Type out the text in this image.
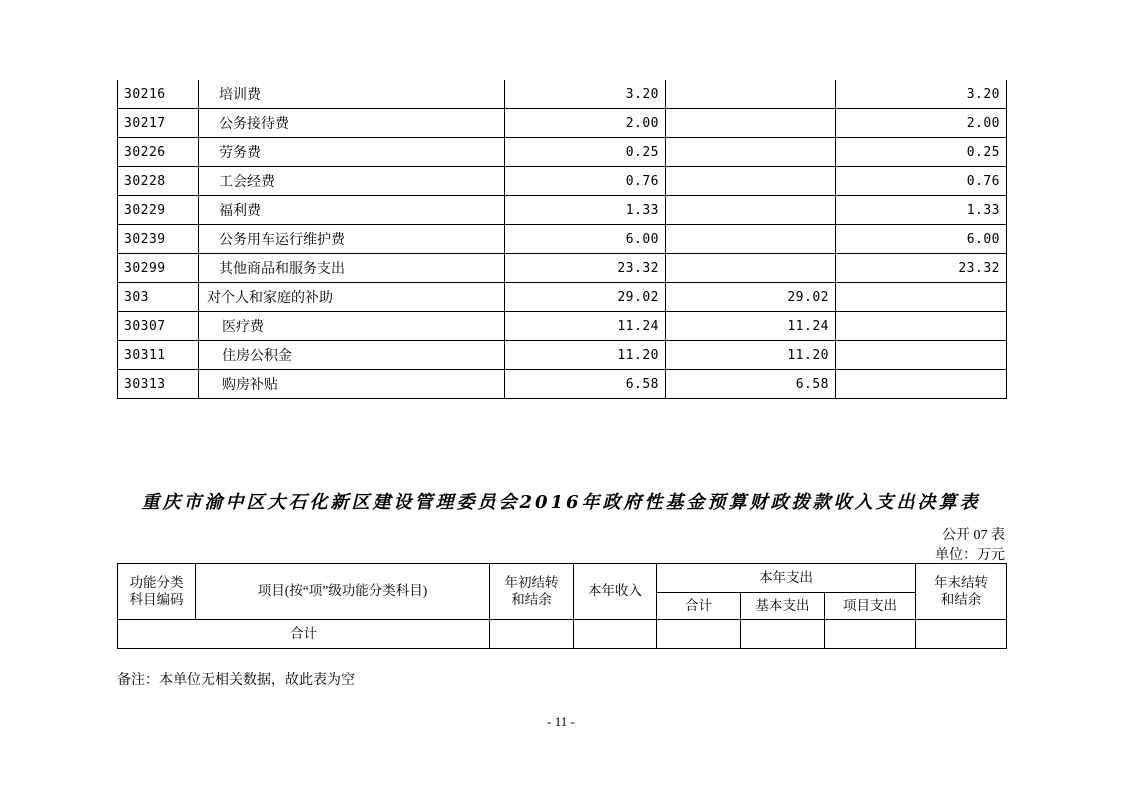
30216	培训费	3.20		3.20
30217	公务接待费	2.00		2.00
30226	劳务费	0.25		0.25
30228	工会经费	0.76		0.76
30229	福利费	1.33		1.33
30239	公务用车运行维护费	6.00		6.00
30299	其他商品和服务支出	23.32		23.32
303	对个人和家庭的补助	29.02	29.02	
30307	医疗费	11.24	11.24	
30311	住房公积金	11.20	11.20	
30313	购房补贴	6.58	6.58	
重庆市渝中区大石化新区建设管理委员会2016年政府性基金预算财政拨款收入支出决算表
公开 07 表
单位：万元
功能分类科目编码	项目(按“项”级功能分类科目)	年初结转和结余	本年收入	本年支出			年末结转和结余
				合计	基本支出	项目支出	
合计							
备注：本单位无相关数据，故此表为空
- 11 -
